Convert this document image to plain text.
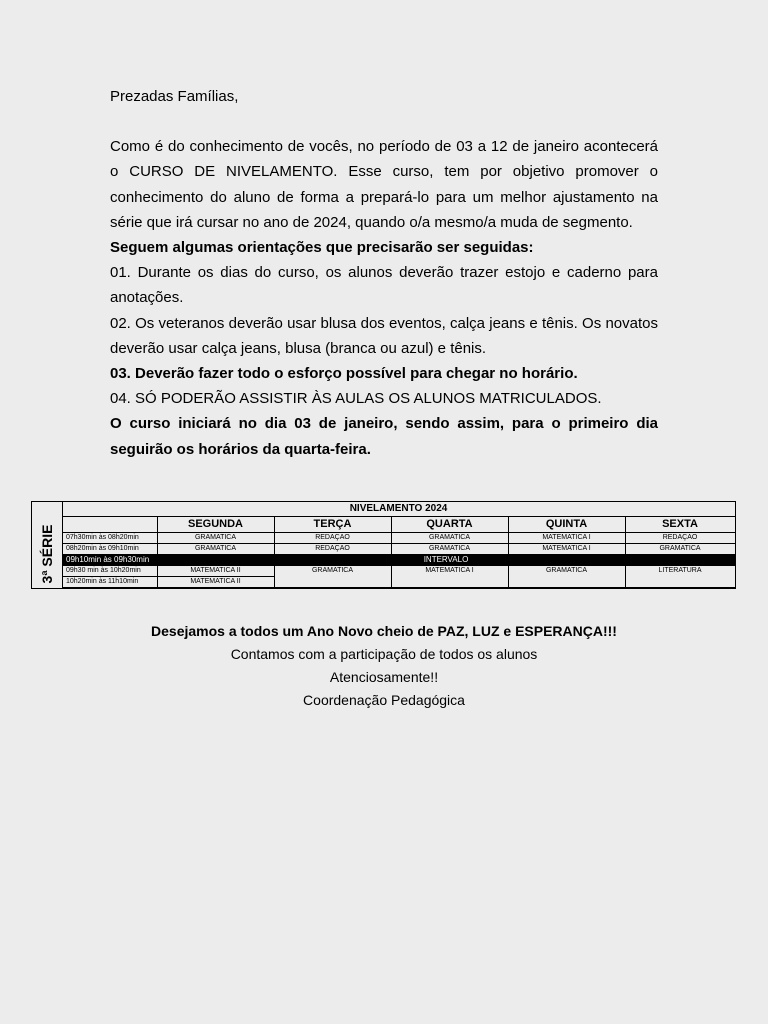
Prezadas Famílias,

Como é do conhecimento de vocês, no período de 03 a 12 de janeiro acontecerá o CURSO DE NIVELAMENTO. Esse curso, tem por objetivo promover o conhecimento do aluno de forma a prepará-lo para um melhor ajustamento na série que irá cursar no ano de 2024, quando o/a mesmo/a muda de segmento.

Seguem algumas orientações que precisarão ser seguidas:

01. Durante os dias do curso, os alunos deverão trazer estojo e caderno para anotações.

02. Os veteranos deverão usar blusa dos eventos, calça jeans e tênis. Os novatos deverão usar calça jeans, blusa (branca ou azul) e tênis.

03. Deverão fazer todo o esforço possível para chegar no horário.

04. SÓ PODERÃO ASSISTIR ÀS AULAS OS ALUNOS MATRICULADOS.

O curso iniciará no dia 03 de janeiro, sendo assim, para o primeiro dia seguirão os horários da quarta-feira.

3ª SÉRIE
NIVELAMENTO 2024					
	SEGUNDA	TERÇA	QUARTA	QUINTA	SEXTA
07h30min às 08h20min	GRAMATICA	REDAÇAO	GRAMATICA	MATEMATICA I	REDAÇAO
08h20min às 09h10min	GRAMATICA	REDAÇAO	GRAMATICA	MATEMATICA I	GRAMATICA
09h10min às 09h30min	INTERVALO				
09h30 min às 10h20min	MATEMATICA II	GRAMATICA	MATEMATICA I	GRAMATICA	LITERATURA
10h20min às 11h10min	MATEMATICA II				

Desejamos a todos um Ano Novo cheio de PAZ, LUZ e ESPERANÇA!!!

Contamos com a participação de todos os alunos

Atenciosamente!!

Coordenação Pedagógica
